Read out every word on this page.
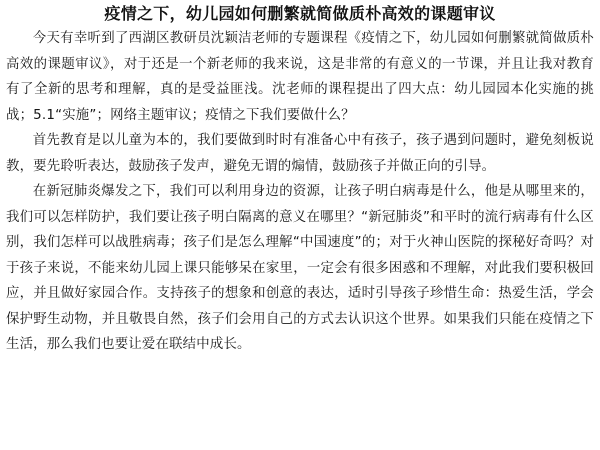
疫情之下，幼儿园如何删繁就简做质朴高效的课题审议

今天有幸听到了西湖区教研员沈颖洁老师的专题课程《疫情之下，幼儿园如何删繁就简做质朴高效的课题审议》，对于还是一个新老师的我来说，这是非常的有意义的一节课，并且让我对教育有了全新的思考和理解，真的是受益匪浅。沈老师的课程提出了四大点：幼儿园园本化实施的挑战；5.1“实施”；网络主题审议；疫情之下我们要做什么？

首先教育是以儿童为本的，我们要做到时时有准备心中有孩子，孩子遇到问题时，避免刻板说教，要先聆听表达，鼓励孩子发声，避免无谓的煽情，鼓励孩子并做正向的引导。

在新冠肺炎爆发之下，我们可以利用身边的资源，让孩子明白病毒是什么，他是从哪里来的，我们可以怎样防护，我们要让孩子明白隔离的意义在哪里？“新冠肺炎”和平时的流行病毒有什么区别，我们怎样可以战胜病毒；孩子们是怎么理解“中国速度”的；对于火神山医院的探秘好奇吗？对于孩子来说，不能来幼儿园上课只能够呆在家里，一定会有很多困惑和不理解，对此我们要积极回应，并且做好家园合作。支持孩子的想象和创意的表达，适时引导孩子珍惜生命：热爱生活，学会保护野生动物，并且敬畏自然，孩子们会用自己的方式去认识这个世界。如果我们只能在疫情之下生活，那么我们也要让爱在联结中成长。
